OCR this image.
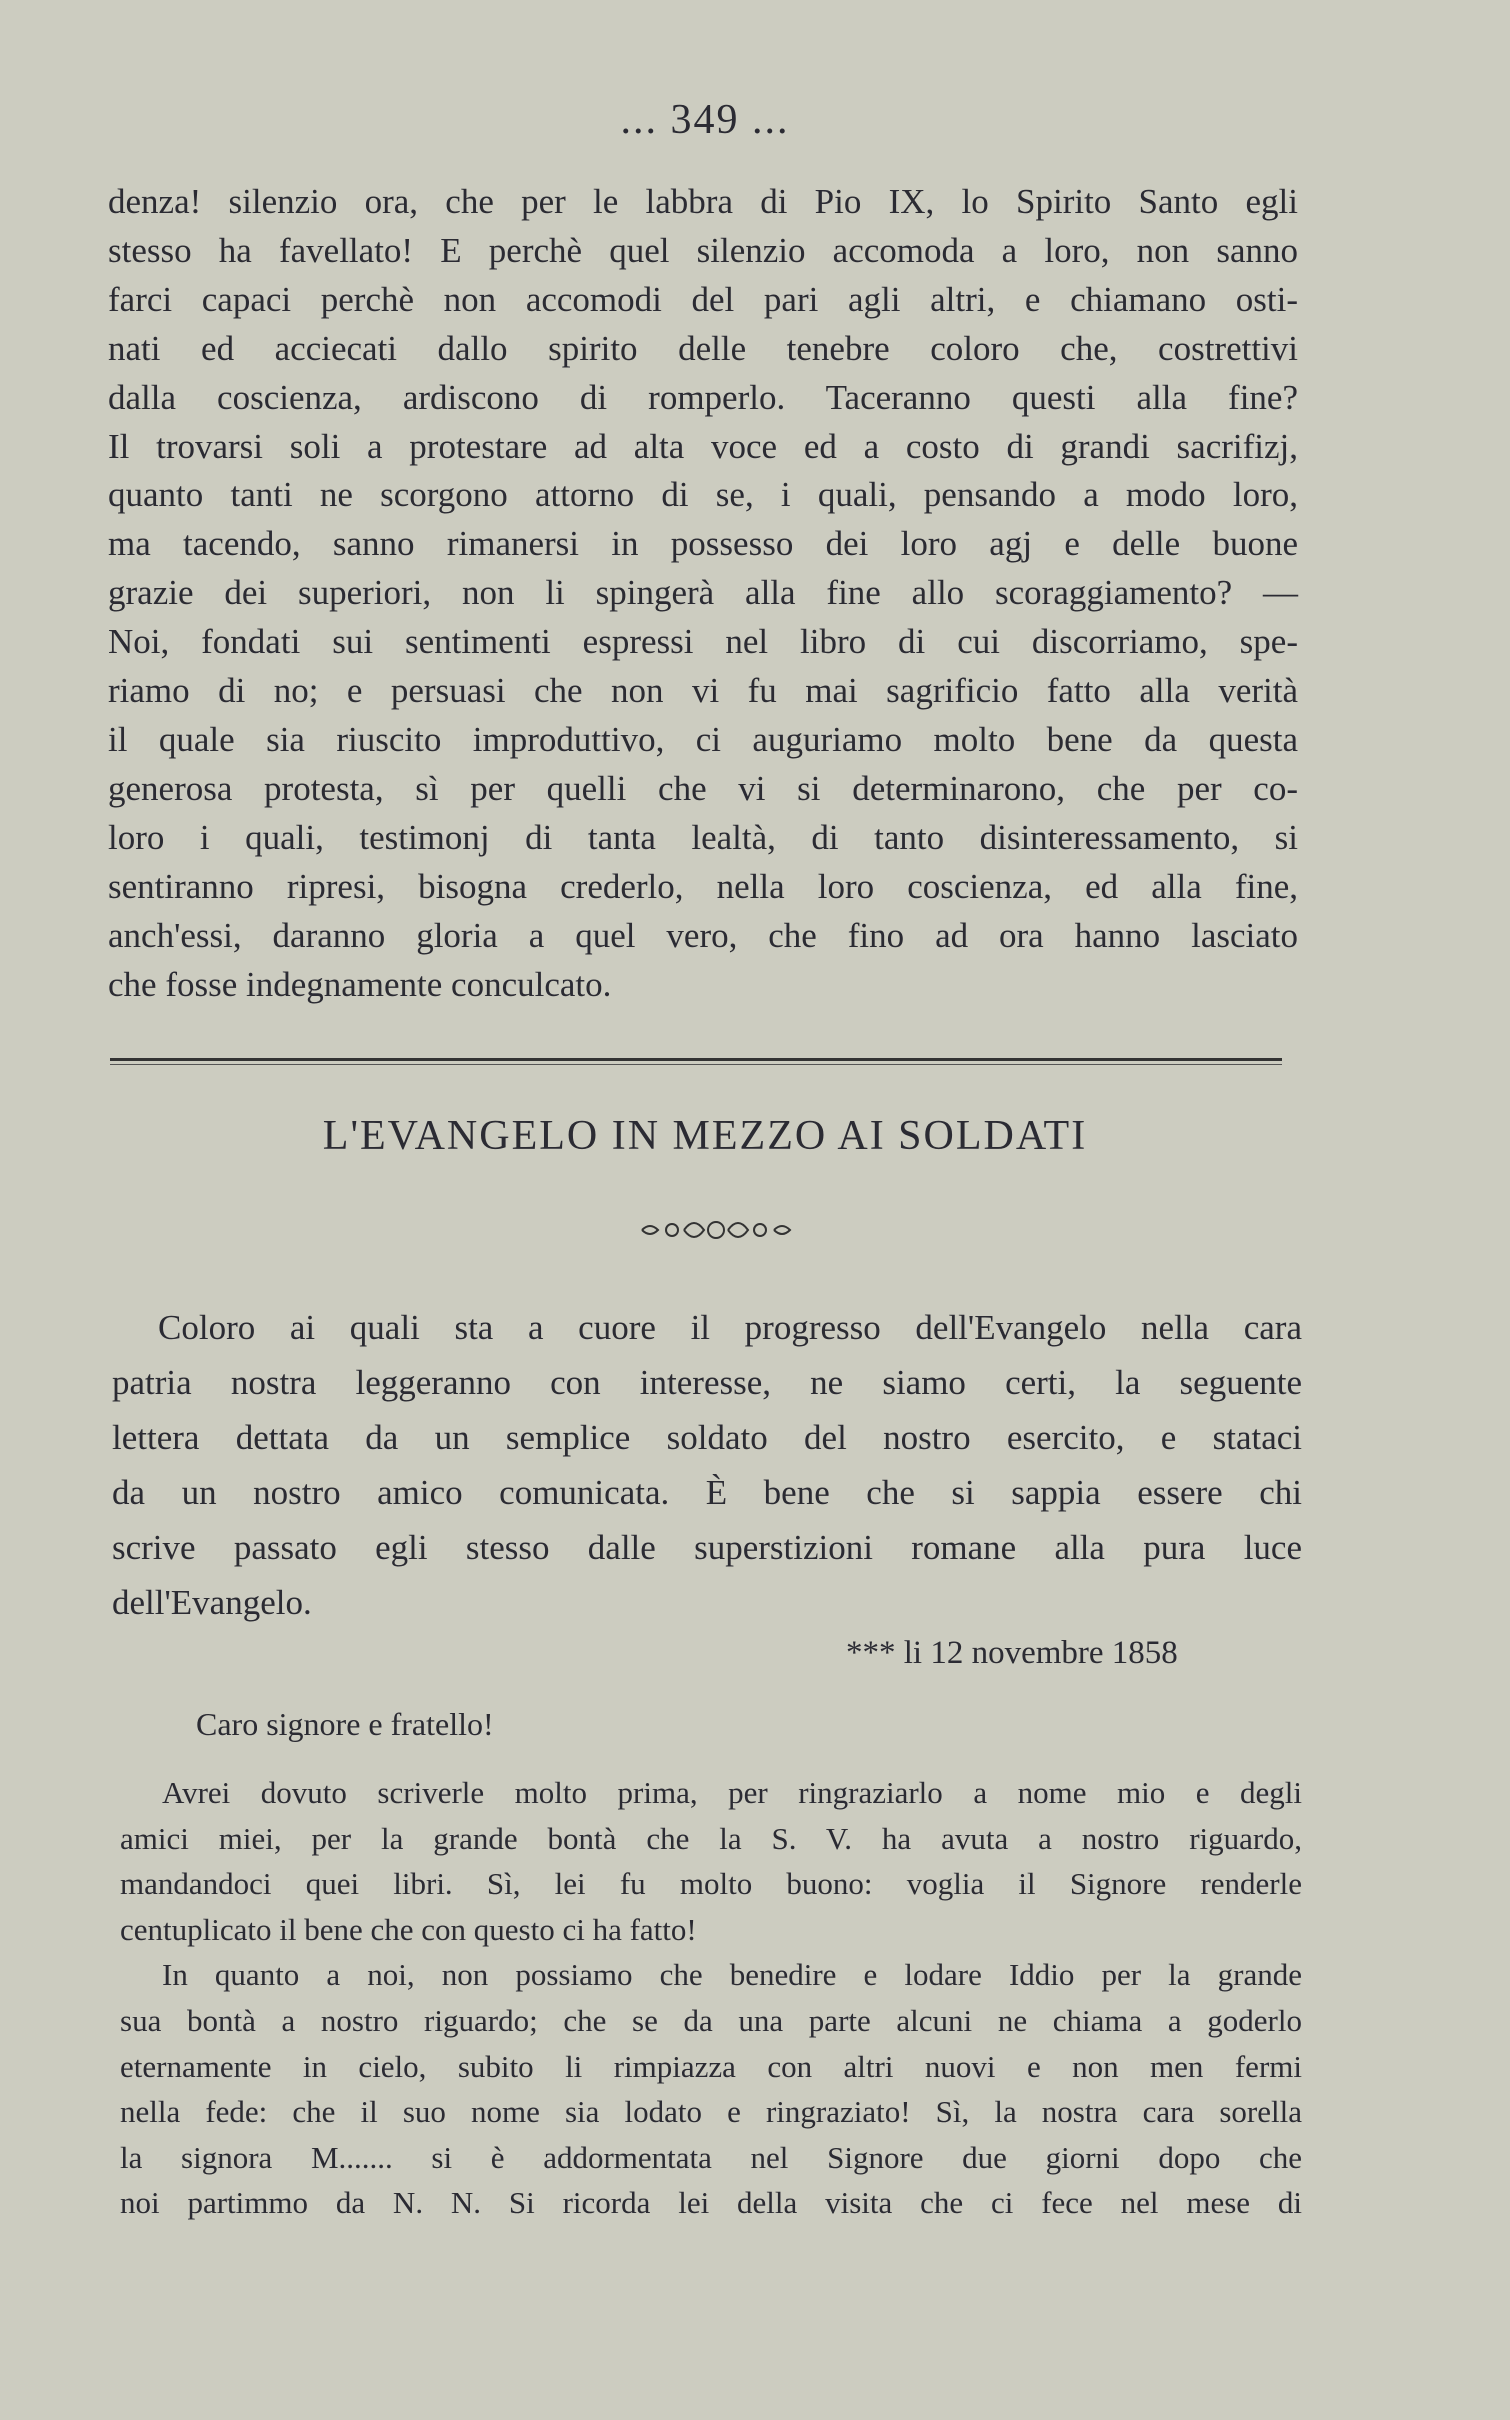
... 349 ...
denza! silenzio ora, che per le labbra di Pio IX, lo Spirito Santo egli
stesso ha favellato! E perchè quel silenzio accomoda a loro, non sanno
farci capaci perchè non accomodi del pari agli altri, e chiamano osti-
nati ed acciecati dallo spirito delle tenebre coloro che, costrettivi
dalla coscienza, ardiscono di romperlo. Taceranno questi alla fine?
Il trovarsi soli a protestare ad alta voce ed a costo di grandi sacrifizj,
quanto tanti ne scorgono attorno di se, i quali, pensando a modo loro,
ma tacendo, sanno rimanersi in possesso dei loro agj e delle buone
grazie dei superiori, non li spingerà alla fine allo scoraggiamento? —
Noi, fondati sui sentimenti espressi nel libro di cui discorriamo, spe-
riamo di no; e persuasi che non vi fu mai sagrificio fatto alla verità
il quale sia riuscito improduttivo, ci auguriamo molto bene da questa
generosa protesta, sì per quelli che vi si determinarono, che per co-
loro i quali, testimonj di tanta lealtà, di tanto disinteressamento, si
sentiranno ripresi, bisogna crederlo, nella loro coscienza, ed alla fine,
anch'essi, daranno gloria a quel vero, che fino ad ora hanno lasciato
che fosse indegnamente conculcato.
L'EVANGELO IN MEZZO AI SOLDATI
Coloro ai quali sta a cuore il progresso dell'Evangelo nella cara
patria nostra leggeranno con interesse, ne siamo certi, la seguente
lettera dettata da un semplice soldato del nostro esercito, e stataci
da un nostro amico comunicata. È bene che si sappia essere chi
scrive passato egli stesso dalle superstizioni romane alla pura luce
dell'Evangelo.
*** li 12 novembre 1858
Caro signore e fratello!
Avrei dovuto scriverle molto prima, per ringraziarlo a nome mio e degli
amici miei, per la grande bontà che la S. V. ha avuta a nostro riguardo,
mandandoci quei libri. Sì, lei fu molto buono: voglia il Signore renderle
centuplicato il bene che con questo ci ha fatto!
In quanto a noi, non possiamo che benedire e lodare Iddio per la grande
sua bontà a nostro riguardo; che se da una parte alcuni ne chiama a goderlo
eternamente in cielo, subito li rimpiazza con altri nuovi e non men fermi
nella fede: che il suo nome sia lodato e ringraziato! Sì, la nostra cara sorella
la signora M....... si è addormentata nel Signore due giorni dopo che
noi partimmo da N. N. Si ricorda lei della visita che ci fece nel mese di
